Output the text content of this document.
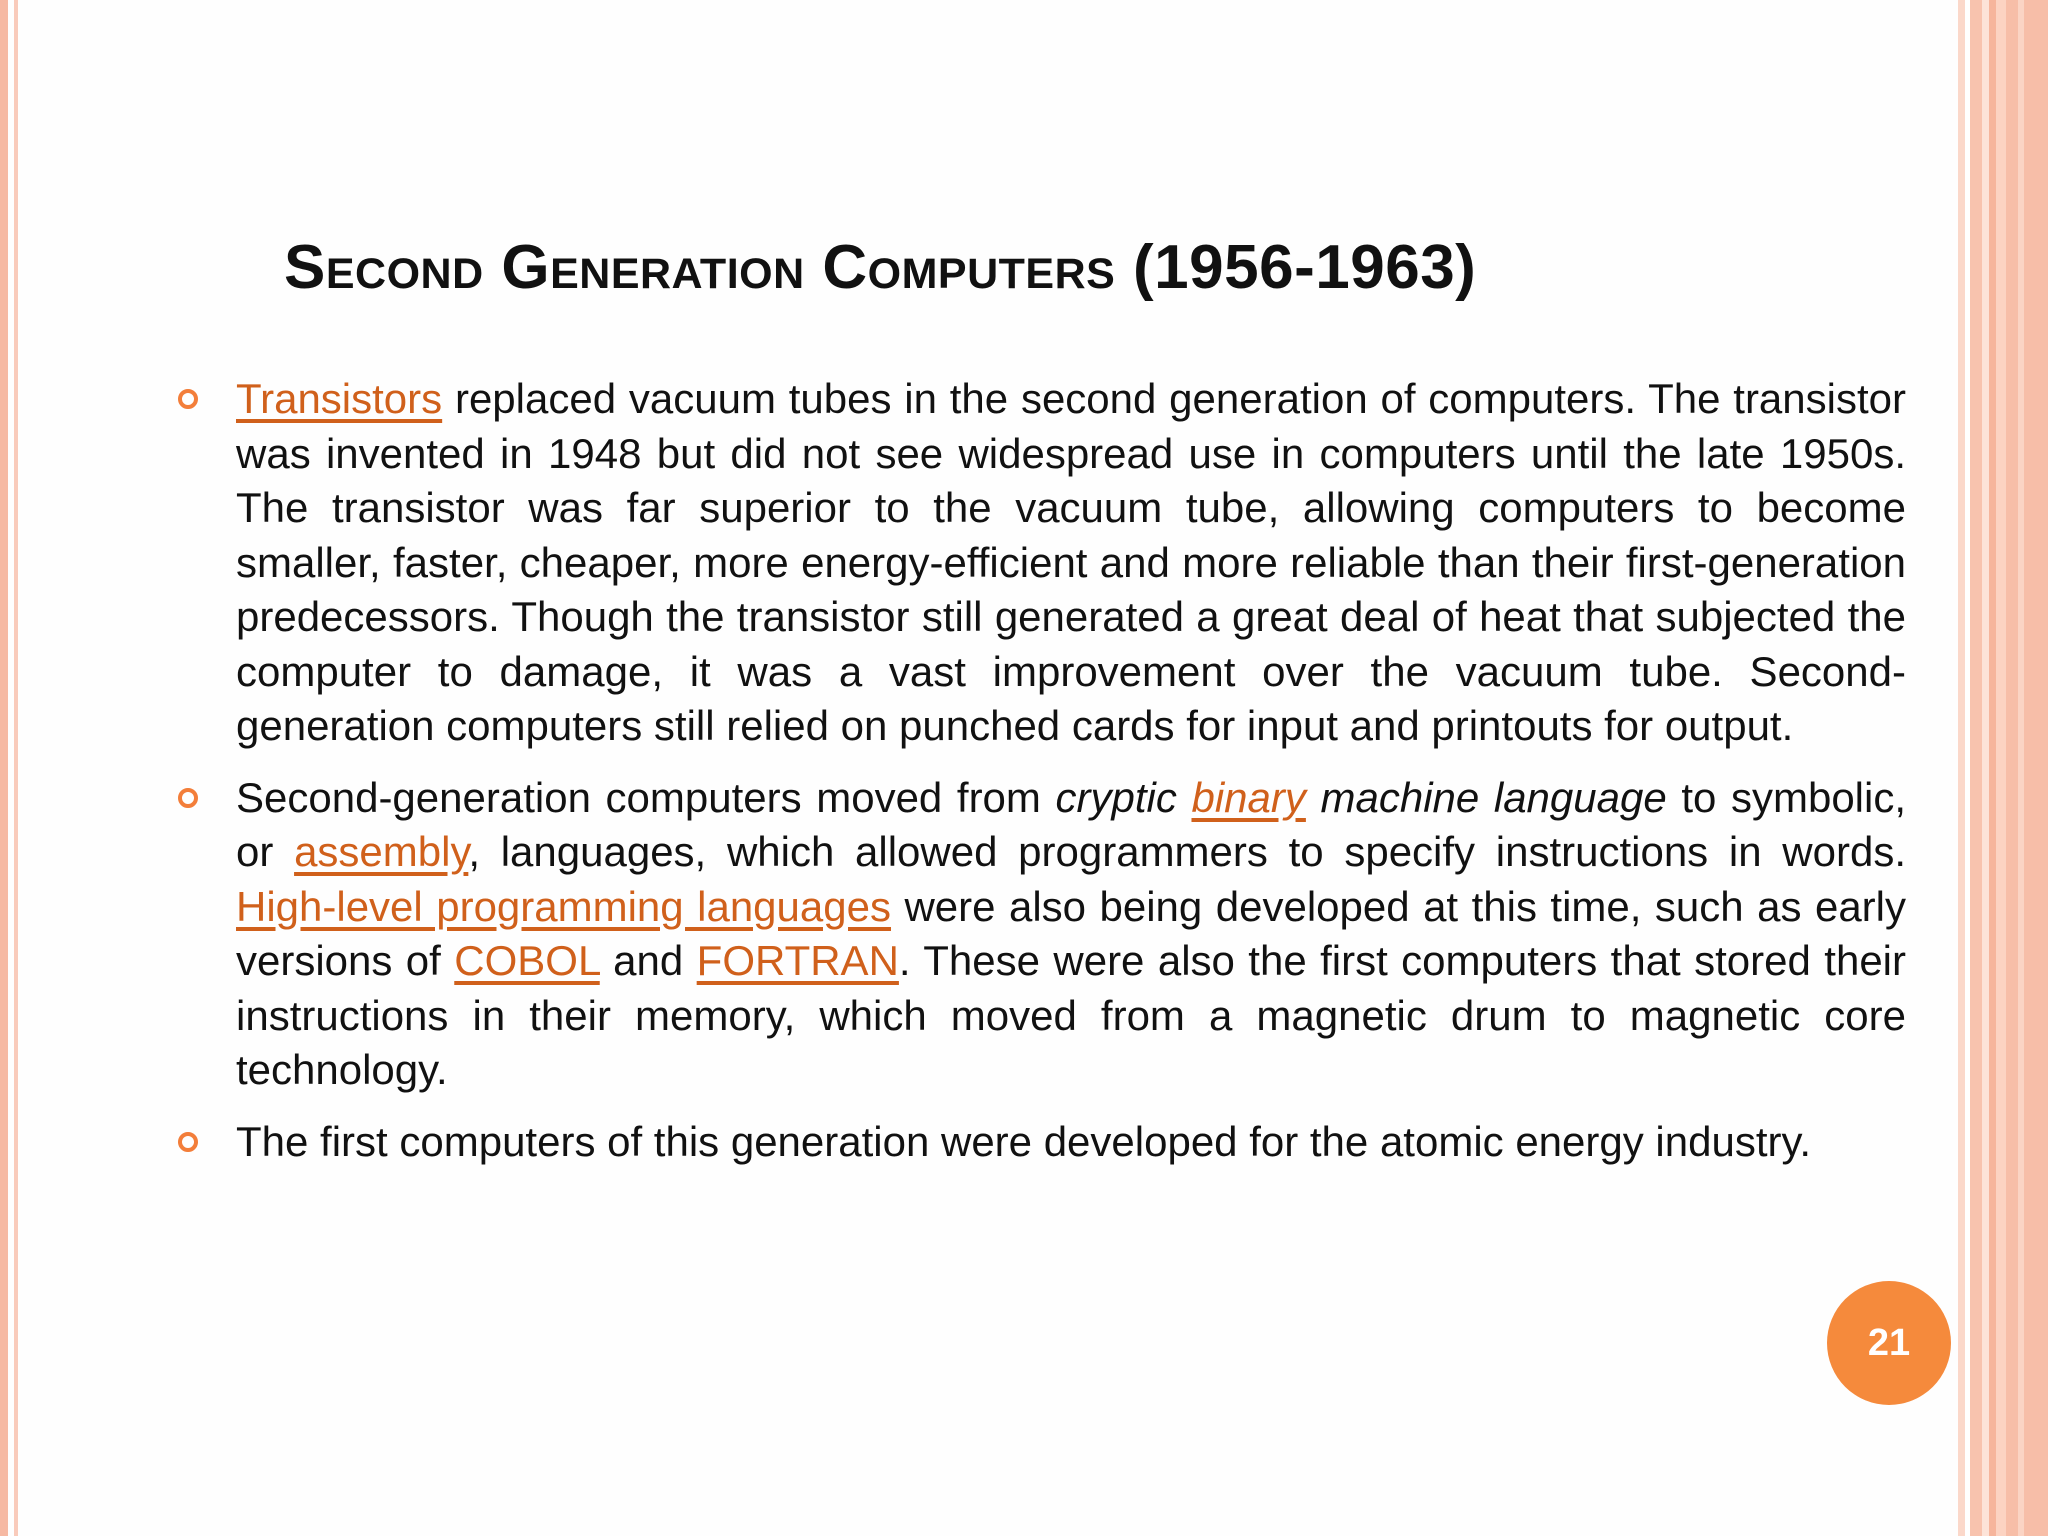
Second Generation Computers (1956-1963)
Transistors replaced vacuum tubes in the second generation of computers. The transistor was invented in 1948 but did not see widespread use in computers until the late 1950s. The transistor was far superior to the vacuum tube, allowing computers to become smaller, faster, cheaper, more energy-efficient and more reliable than their first-generation predecessors. Though the transistor still generated a great deal of heat that subjected the computer to damage, it was a vast improvement over the vacuum tube. Second-generation computers still relied on punched cards for input and printouts for output.
Second-generation computers moved from cryptic binary machine language to symbolic, or assembly, languages, which allowed programmers to specify instructions in words. High-level programming languages were also being developed at this time, such as early versions of COBOL and FORTRAN. These were also the first computers that stored their instructions in their memory, which moved from a magnetic drum to magnetic core technology.
The first computers of this generation were developed for the atomic energy industry.
21
